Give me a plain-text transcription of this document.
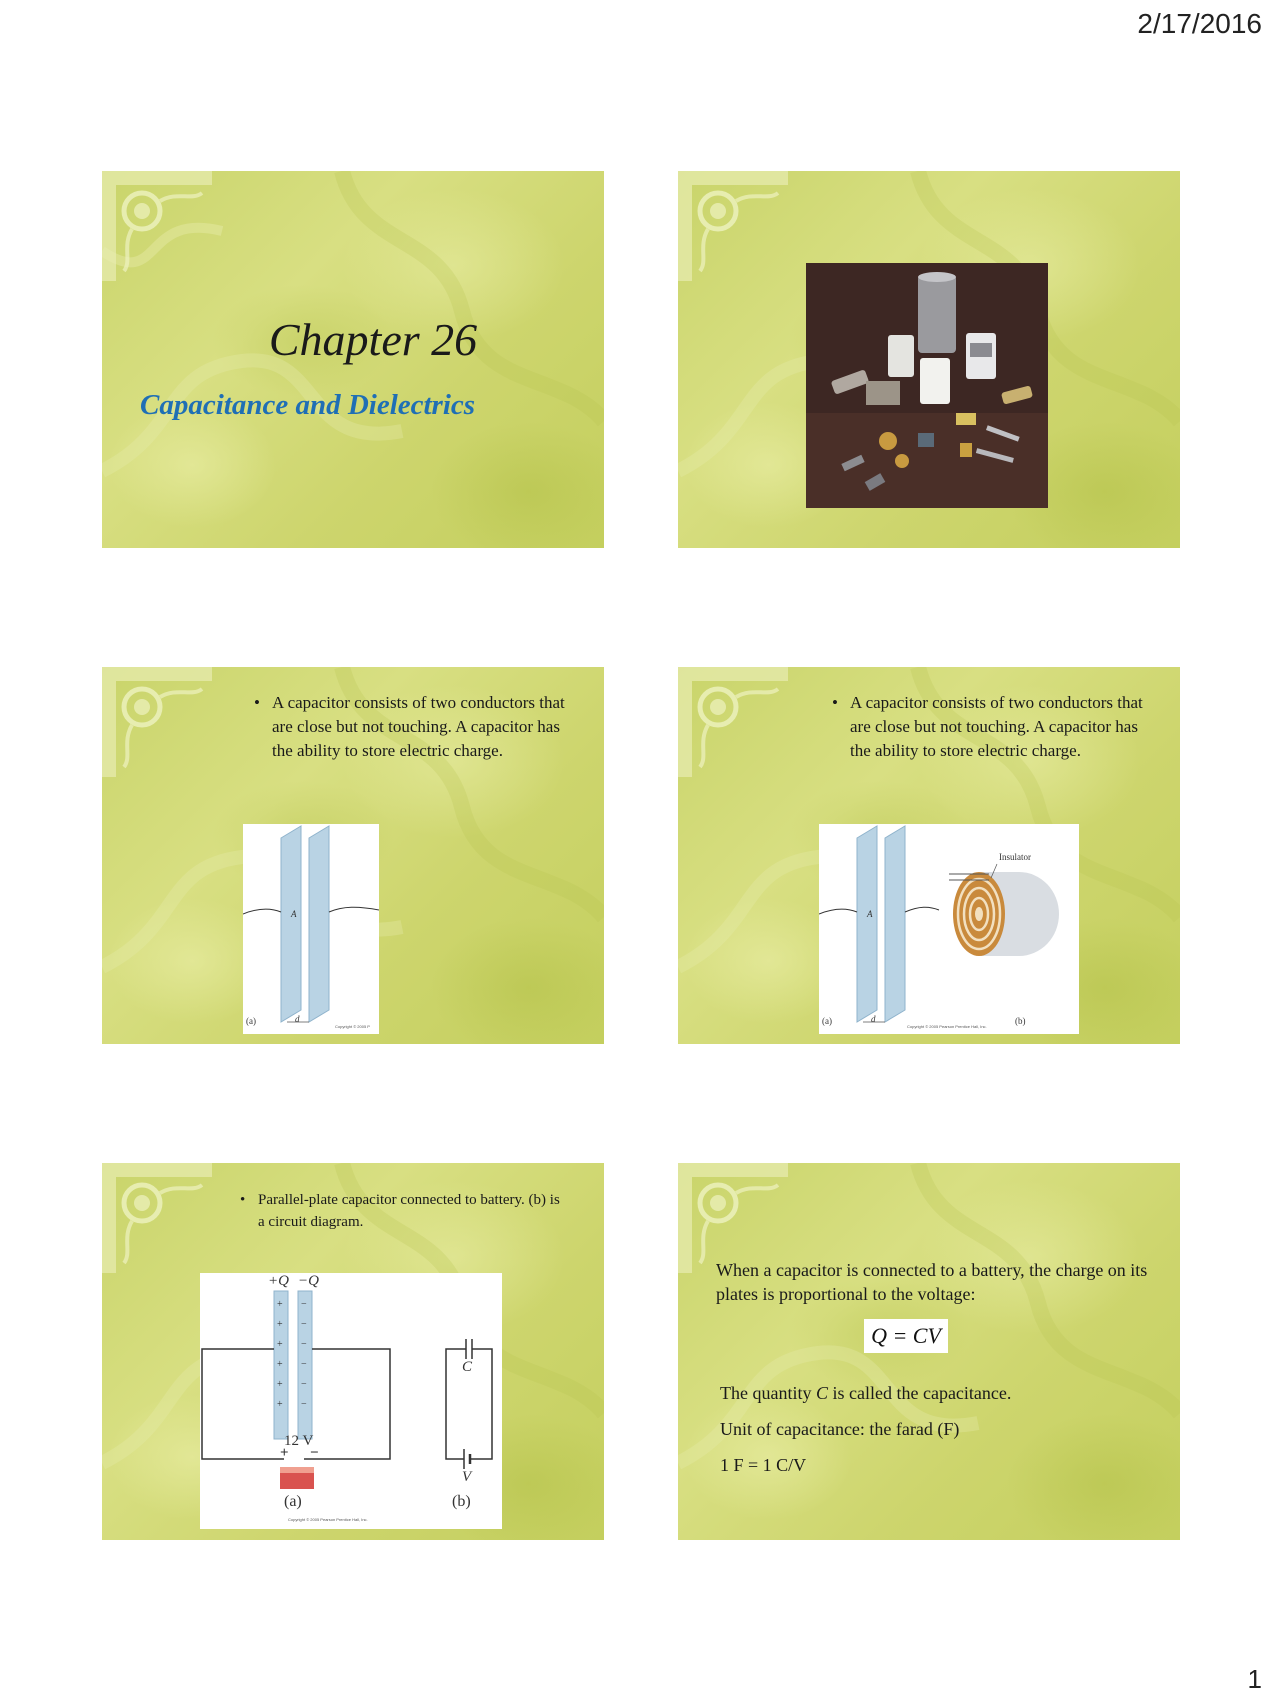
2/17/2016
Chapter 26
Capacitance and Dielectrics
• A capacitor consists of two conductors that are close but not touching. A capacitor has the ability to store electric charge.
A
(a)	d
Copyright © 2005 P
• A capacitor consists of two conductors that are close but not touching. A capacitor has the ability to store electric charge.
A
(a)	d
Insulator
(b)
Copyright © 2005 Pearson Prentice Hall, Inc.
• Parallel-plate capacitor connected to battery. (b) is a circuit diagram.
+
+
+
+
+
+
−
−
−
−
−
−
+Q −Q
12 V
+ −
C
V
(a)	(b)
Copyright © 2005 Pearson Prentice Hall, Inc.
When a capacitor is connected to a battery, the charge on its plates is proportional to the voltage:
Q = CV
The quantity C is called the capacitance.
Unit of capacitance: the farad (F)
1 F = 1 C/V
1
